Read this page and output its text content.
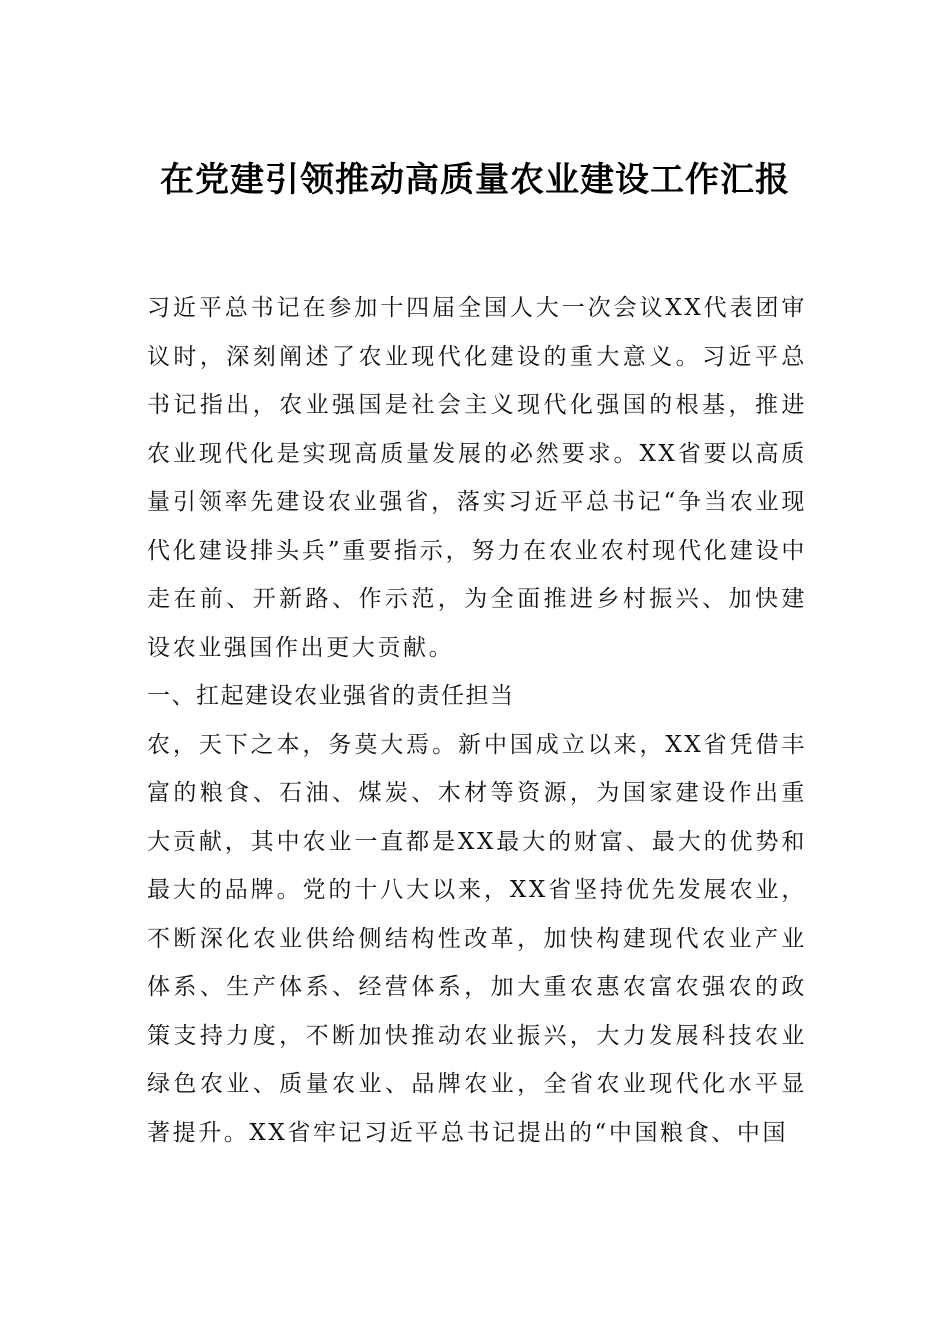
在党建引领推动高质量农业建设工作汇报

习近平总书记在参加十四届全国人大一次会议XX代表团审议时，深刻阐述了农业现代化建设的重大意义。习近平总书记指出，农业强国是社会主义现代化强国的根基，推进农业现代化是实现高质量发展的必然要求。XX省要以高质量引领率先建设农业强省，落实习近平总书记“争当农业现代化建设排头兵”重要指示，努力在农业农村现代化建设中走在前、开新路、作示范，为全面推进乡村振兴、加快建设农业强国作出更大贡献。

一、扛起建设农业强省的责任担当

农，天下之本，务莫大焉。新中国成立以来，XX省凭借丰富的粮食、石油、煤炭、木材等资源，为国家建设作出重大贡献，其中农业一直都是XX最大的财富、最大的优势和最大的品牌。党的十八大以来，XX省坚持优先发展农业，不断深化农业供给侧结构性改革，加快构建现代农业产业体系、生产体系、经营体系，加大重农惠农富农强农的政策支持力度，不断加快推动农业振兴，大力发展科技农业绿色农业、质量农业、品牌农业，全省农业现代化水平显著提升。XX省牢记习近平总书记提出的“中国粮食、中国
